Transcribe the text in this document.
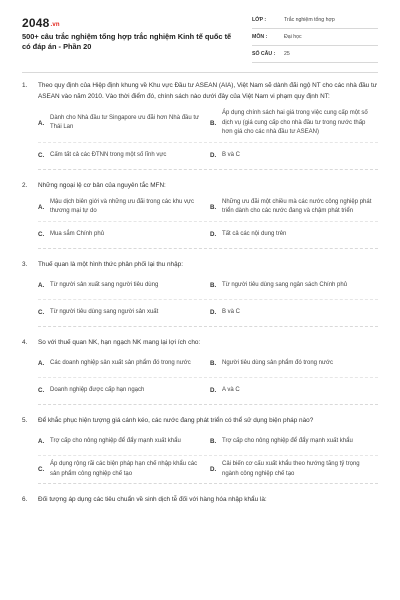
2048.vn
500+ câu trắc nghiệm tổng hợp trắc nghiệm Kinh tế quốc tế có đáp án - Phần 20
LỚP :	Trắc nghiệm tổng hợp
MÔN :	Đại học
SỐ CÂU :	25
1.	Theo quy định của Hiệp định khung về Khu vực Đầu tư ASEAN (AIA), Việt Nam sẽ dành đãi ngộ NT cho các nhà đầu tư ASEAN vào năm 2010. Vào thời điểm đó, chính sách nào dưới đây của Việt Nam vi phạm quy định NT:
A.
Dành cho Nhà đầu tư Singapore ưu đãi hơn Nhà đầu tư Thái Lan
B.
Áp dụng chính sách hai giá trong việc cung cấp một số dịch vụ (giá cung cấp cho nhà đầu tư trong nước thấp hơn giá cho các nhà đầu tư ASEAN)
C. Cấm tất cả các ĐTNN trong một số lĩnh vực	D. B và C
2.	Những ngoại lệ cơ bản của nguyên tắc MFN:
A.
Mậu dịch biên giới và những ưu đãi trong các khu vực thương mại tự do
B.
Những ưu đãi một chiều mà các nước công nghiệp phát triển dành cho các nước đang và chậm phát triển
C. Mua sắm Chính phủ	D. Tất cả các nội dung trên
3.	Thuế quan là một hình thức phân phối lại thu nhập:
A. Từ người sản xuất sang người tiêu dùng	B. Từ người tiêu dùng sang ngân sách Chính phủ
C. Từ người tiêu dùng sang người sản xuất	D. B và C
4.	So với thuế quan NK, hạn ngạch NK mang lại lợi ích cho:
A. Các doanh nghiệp sản xuất sản phẩm đó trong nước	B. Người tiêu dùng sản phẩm đó trong nước
C. Doanh nghiệp được cấp hạn ngạch	D. A và C
5.	Để khắc phục hiện tượng giá cánh kéo, các nước đang phát triển có thể sử dụng biện pháp nào?
A. Trợ cấp cho nông nghiệp để đẩy mạnh xuất khẩu	B. Trợ cấp cho nông nghiệp để đẩy mạnh xuất khẩu
C.
Áp dụng rộng rãi các biện pháp hạn chế nhập khẩu các sản phẩm công nghiệp chế tạo
D.
Cải biến cơ cấu xuất khẩu theo hướng tăng tỷ trọng ngành công nghiệp chế tạo
6.	Đối tượng áp dụng các tiêu chuẩn về sinh dịch tễ đối với hàng hóa nhập khẩu là:
